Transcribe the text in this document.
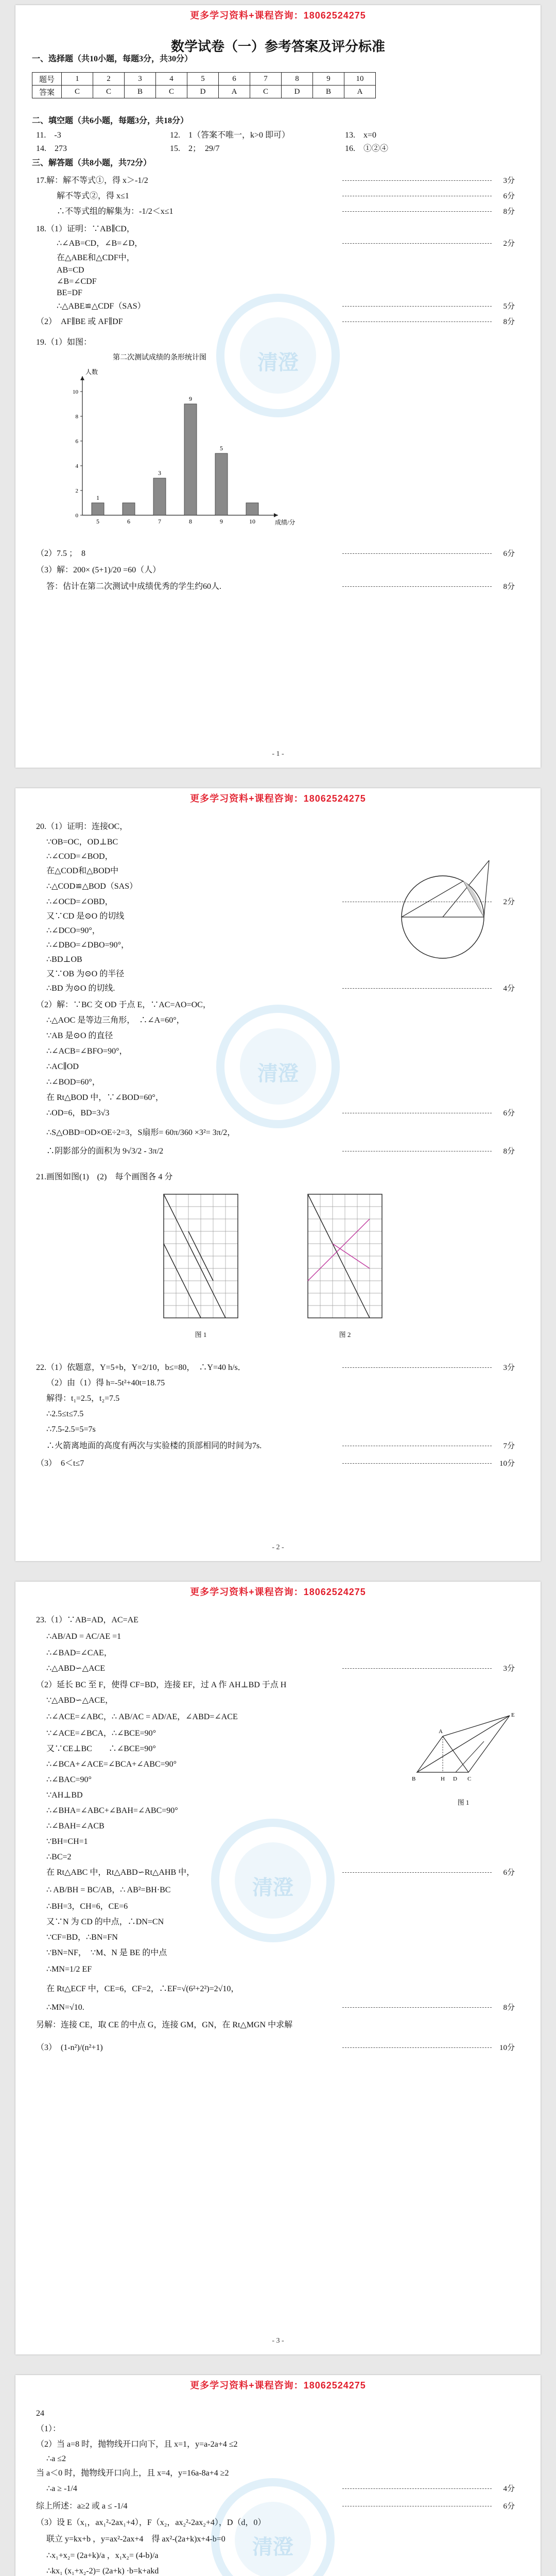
更多学习资料+课程咨询：18062524275
数学试卷（一）参考答案及评分标准
一、选择题（共10小题，每题3分，共30分）
二、填空题（共6小题，每题3分，共18分）
三、解答题（共8小题，共72分）
11.　-3	12.　1（答案不唯一，k>0 即可）	13.　x=0
14.　273	15.　2；　29/7	16.　①②④
17.解：解不等式①，得 x＞-1/2	3分
解不等式②，得 x≤1	6分
∴不等式组的解集为：-1/2＜x≤1	8分
18.（1）证明：∵AB∥CD，
∴∠AB=CD，∠B=∠D，	2分
在△ABE和△CDF中，
AB=CD
∠B=∠CDF
BE=DF
∴△ABE≌△CDF（SAS）	5分
（2）　AF∥BE 或 AF∥DF	8分
19.（1）如图：
（2）7.5 ；　8	6分
（3）解：200× (5+1)/20 =60（人）
答：估计在第二次测试中成绩优秀的学生约60人.	8分
题号	1	2	3	4	5	6	7	8	9	10
答案	C	C	B	C	D	A	C	D	B	A
第二次测试成绩的条形统计图
人数
成绩/分
0
2
4
6
8
10
5
1
6	7
3
8
9
9
5
10
清澄
- 1 -
更多学习资料+课程咨询：18062524275
20.（1）证明：连接OC，
∵OB=OC，OD⊥BC
∴∠COD=∠BOD，
在△COD和△BOD中
∴△COD≌△BOD（SAS）
∴∠OCD=∠OBD，	2分
又∵CD 是⊙O 的切线
∴∠DCO=90°，
∴∠DBO=∠DBO=90°，
∴BD⊥OB
又∵OB 为⊙O 的半径
∴BD 为⊙O 的切线.	4分
（2）解：∵BC 交 OD 于点 E，∵AC=AO=OC，
∴△AOC 是等边三角形，　∴∠A=60°，
∵AB 是⊙O 的直径
∴∠ACB=∠BFO=90°，
∴AC∥OD
∴∠BOD=60°，
在 Rt△BOD 中，∵∠BOD=60°，
∴OD=6，BD=3√3	6分
∴S△OBD=OD×OE÷2=3，S扇形= 60π/360 ×3²= 3π/2，
∴阴影部分的面积为 9√3/2 - 3π/2	8分
21.画图如图(1)　(2)　每个画图各 4 分
22.（1）依题意，Y=5+b，Y=2/10，b≤=80，　∴Y=40 h/s．	3分
（2）由（1）得 h=-5t²+40t=18.75
解得：t₁=2.5，t₂=7.5
∴2.5≤t≤7.5
∴7.5-2.5=5=7s
∴火箭离地面的高度有两次与实验楼的顶部相同的时间为7s.	7分
（3）　6＜t≤7	10分
图 1	图 2
清澄
- 2 -
更多学习资料+课程咨询：18062524275
23.（1）∵AB=AD，AC=AE
∴AB/AD = AC/AE =1
∴∠BAD=∠CAE，
∴△ABD∽△ACE	3分
（2）延长 BC 至 F，使得 CF=BD，连接 EF，过 A 作 AH⊥BD 于点 H
∵△ABD∽△ACE，
∴∠ACE=∠ABC，∴ AB/AC = AD/AE，∠ABD=∠ACE
∵∠ACE=∠BCA，∴∠BCE=90°
又∵CE⊥BC　　∴∠BCE=90°
∴∠BCA+∠ACE=∠BCA+∠ABC=90°
∴∠BAC=90°
∵AH⊥BD
∴∠BHA=∠ABC+∠BAH=∠ABC=90°
∴∠BAH=∠ACB
∵BH=CH=1
∴BC=2
在 Rt△ABC 中，Rt△ABD∽Rt△AHB 中，	6分
∴ AB/BH = BC/AB，∴ AB²=BH·BC
∴BH=3，CH=6，CE=6
又∵N 为 CD 的中点，∴DN=CN
∵CF=BD，∴BN=FN
∵BN=NF，　∵M、N 是 BE 的中点
∴MN=1/2 EF
在 Rt△ECF 中，CE=6，CF=2，∴EF=√(6²+2²)=2√10，
∴MN=√10.	8分
另解：连接 CE，取 CE 的中点 G，连接 GM，GN，在 Rt△MGN 中求解
（3）　(1-n²)/(n²+1)	10分
B
A
C
E
H D
图 1
清澄
- 3 -
更多学习资料+课程咨询：18062524275
24
（1）：
（2）当 a=8 时，抛物线开口向下，且 x=1，y=a-2a+4 ≤2
∴a ≤2
当 a＜0 时，抛物线开口向上，且 x=4，y=16a-8a+4 ≥2
∴a ≥ -1/4	4分
综上所述：a≥2 或 a ≤ -1/4	6分
（3）设 E（x₁，ax₁²-2ax₁+4），F（x₂，ax₂²-2ax₂+4），D（d，0）
联立 y=kx+b ，y=ax²-2ax+4　得 ax²-(2a+k)x+4-b=0
∴x₁+x₂= (2a+k)/a ，x₁x₂= (4-b)/a
∴kx₁ (x₁+x₂-2)= (2a+k) ·b=k+akd
清澄
